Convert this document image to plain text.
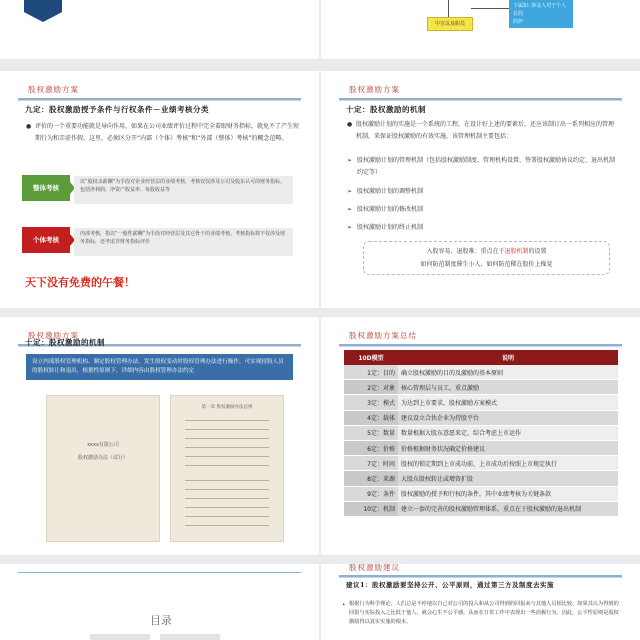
中宣以及职员
下属如: 涉及人对于个人长的
的护
股权激励方案
九定：股权激励授予条件与行权条件－业绩考核分类
● 评价的一个重要功能就是导向作用，如果在公司业绩评价过程中完全着眼财务指标，就免不了产生短期行为和弄虚作假。这里，必须区分开“内部（个体）考核”和“外部（整体）考核”的概念范畴。
整体考核
以“股权杀薪酬”为手段对企业经营层的业绩考核，考核仅仅涉及公司及股东认可的财务指标，包括净利润、净资产收益率、每股收益等
个体考核
内部考核，指以“一般性薪酬”为手段对经营层及其它骨干的业绩考核，考核指标将不仅涉及财务指标，还考虑非财务指标评价
天下没有免费的午餐！
股权激励方案
十定：股权激励的机制
● 股权激励计划的实施是一个系统的工程，在设计好上述的要素后，还应该制订出一系列相应的管理机制，来保证股权激励的有效实施，该管理机制主要包括：
➢ 股权激励计划的管理机制（包括股权激励制度、管理机构设置、签署股权激励协议约定、退出机制约定等）
➢ 股权激励计划的调整机制
➢ 股权激励计划的修改机制
➢ 股权激励计划的终止机制
入股容易、退股难：重点在于退股机制的设置
如何防范制度催生小人、如何防范稀在股价上操觉
股权激励方案
十定：股权激励的机制
设立内部股权管理机构、制定股权管理办法，发生股权变动时股权管理办法进行操作，可实现持股人员的股权转让和退出，根据性原则下，详细内容由股权管理办法约定
xxxx有限公司
股权激励办法（试行）
第一章 股权激励办法总则
股权激励方案总结
10D模型	说明
1定：目的	确立股权激励的目的及激励的基本原则
2定：对象	核心管理层与员工，重点激励
3定：模式	为达到上市要求，股权激励方案模式
4定：载体	建议设立合伙企业为持股平台
5定：数量	数量根据大股东意愿来定，综合考虑上市运作
6定：价格	价格根据财务状况确定价格建议
7定：时间	股权的锁定期到上市成功前，上市成功后按照上市规定执行
8定：来源	大股东股权转让或增资扩股
9定：条件	股权激励的授予和行权的条件，其中业绩考核为关键条款
10定：机制	建立一套的完善的股权激励管理体系，重点在于股权激励的退出机制
目录
股权激励建议
建议1：股权激励要坚持公开、公平原则，通过第三方及制度去实施
• 根据行为科学理论，人们总是不停地以自己对公司的投入和从公司得到的回报来与其他人员相比较，如果其认为得到的回报与实际投入之比低于他人，就会心生不公平感，从而在日常工作中表现出一些消极行为。因此，公平性原则是股权激励得以真实实施的根本。
